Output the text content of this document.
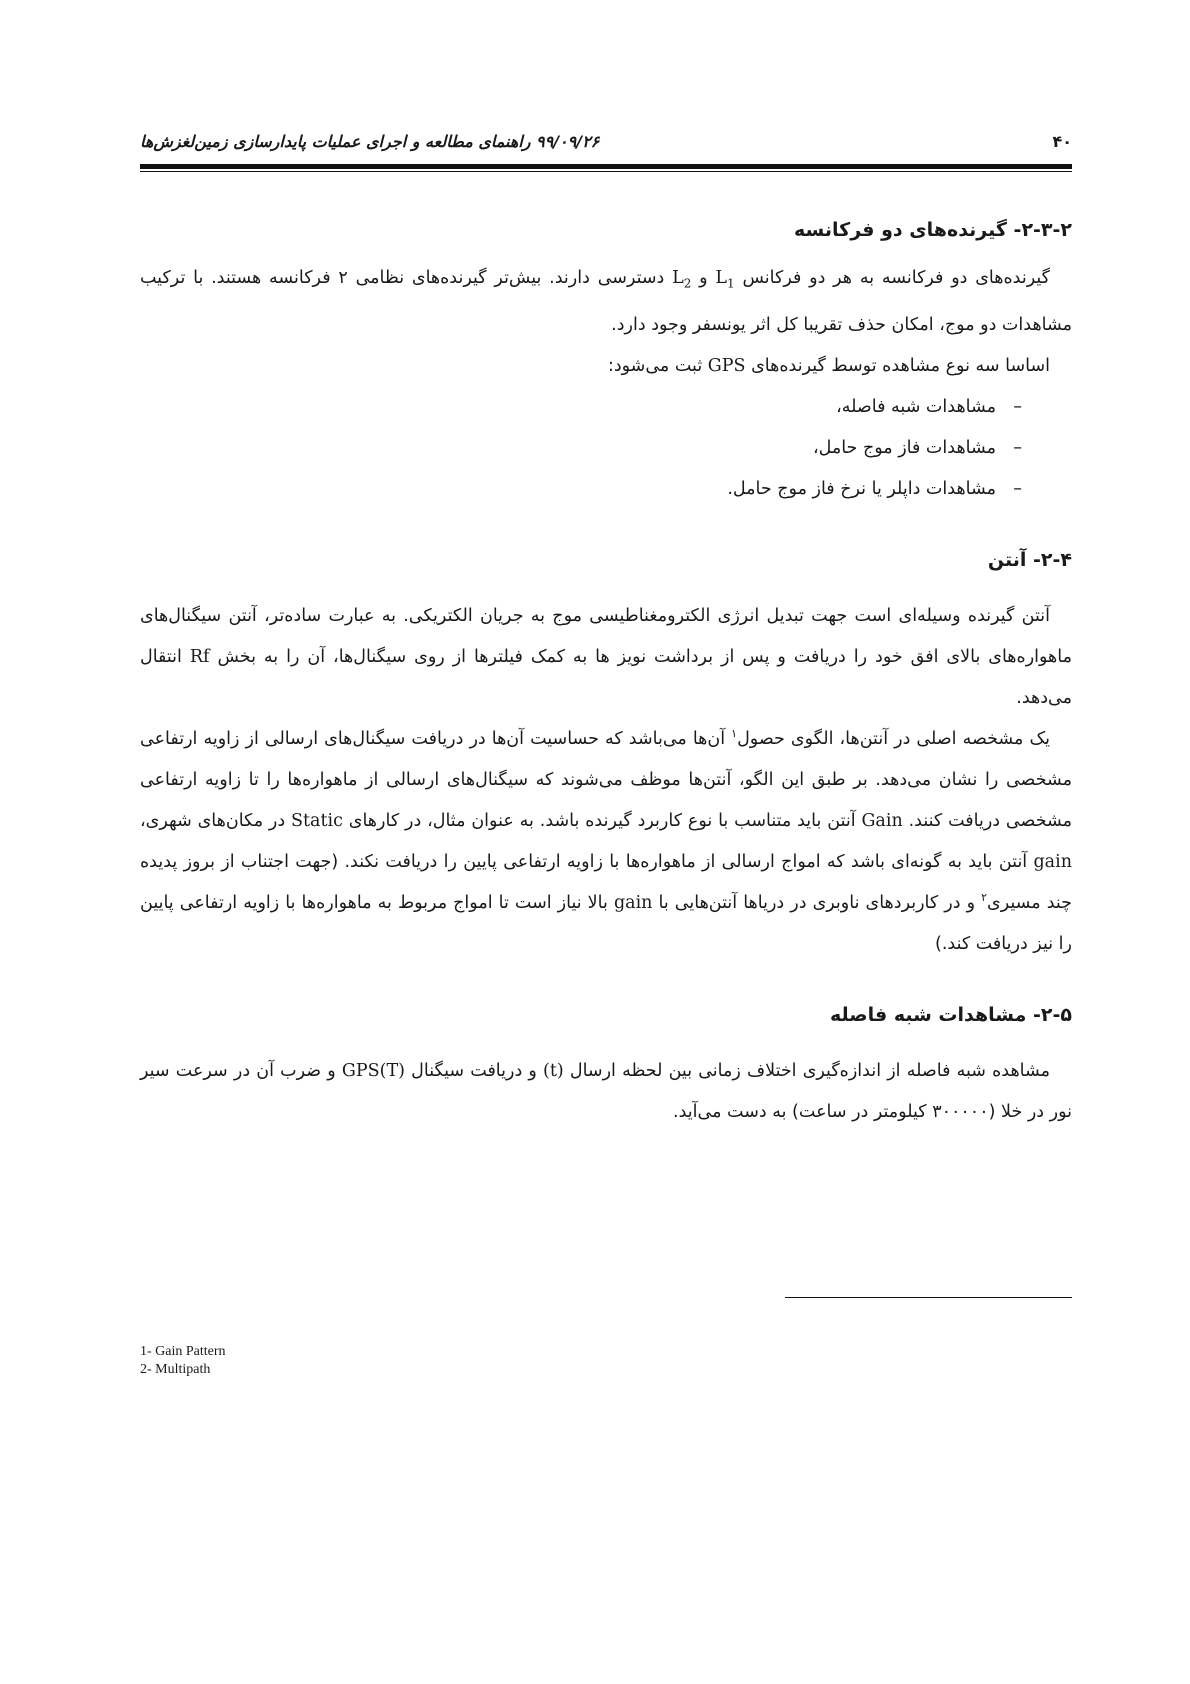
۹۹/۰۹/۲۶ راهنمای مطالعه و اجرای عملیات پایدارسازی زمین‌لغزش‌ها	۴۰
۲-۳-۲- گیرنده‌های دو فرکانسه

گیرنده‌های دو فرکانسه به هر دو فرکانس $L_1$ و $L_2$ دسترسی دارند. بیش‌تر گیرنده‌های نظامی ۲ فرکانسه هستند. با ترکیب مشاهدات دو موج، امکان حذف تقریبا کل اثر یونسفر وجود دارد.

اساسا سه نوع مشاهده توسط گیرنده‌های GPS ثبت می‌شود:

– مشاهدات شبه فاصله،
– مشاهدات فاز موج حامل،
– مشاهدات داپلر یا نرخ فاز موج حامل.
۲-۴- آنتن

آنتن گیرنده وسیله‌ای است جهت تبدیل انرژی الکترومغناطیسی موج به جریان الکتریکی. به عبارت ساده‌تر، آنتن سیگنال‌های ماهواره‌های بالای افق خود را دریافت و پس از برداشت نویز ها به کمک فیلترها از روی سیگنال‌ها، آن را به بخش Rf انتقال می‌دهد.

یک مشخصه اصلی در آنتن‌ها، الگوی حصول$^۱$ آن‌ها می‌باشد که حساسیت آن‌ها در دریافت سیگنال‌های ارسالی از زاویه ارتفاعی مشخصی را نشان می‌دهد. بر طبق این الگو، آنتن‌ها موظف می‌شوند که سیگنال‌های ارسالی از ماهواره‌ها را تا زاویه ارتفاعی مشخصی دریافت کنند. Gain آنتن باید متناسب با نوع کاربرد گیرنده باشد. به عنوان مثال، در کارهای Static در مکان‌های شهری، gain آنتن باید به گونه‌ای باشد که امواج ارسالی از ماهواره‌ها با زاویه ارتفاعی پایین را دریافت نکند. (جهت اجتناب از بروز پدیده چند مسیری$^۲$ و در کاربردهای ناوبری در دریاها آنتن‌هایی با gain بالا نیاز است تا امواج مربوط به ماهواره‌ها با زاویه ارتفاعی پایین را نیز دریافت کند.)

۲-۵- مشاهدات شبه فاصله

مشاهده شبه فاصله از اندازه‌گیری اختلاف زمانی بین لحظه ارسال (t) و دریافت سیگنال GPS(T) و ضرب آن در سرعت سیر نور در خلا (۳۰۰۰۰۰ کیلومتر در ساعت) به دست می‌آید.

1- Gain Pattern
2- Multipath
